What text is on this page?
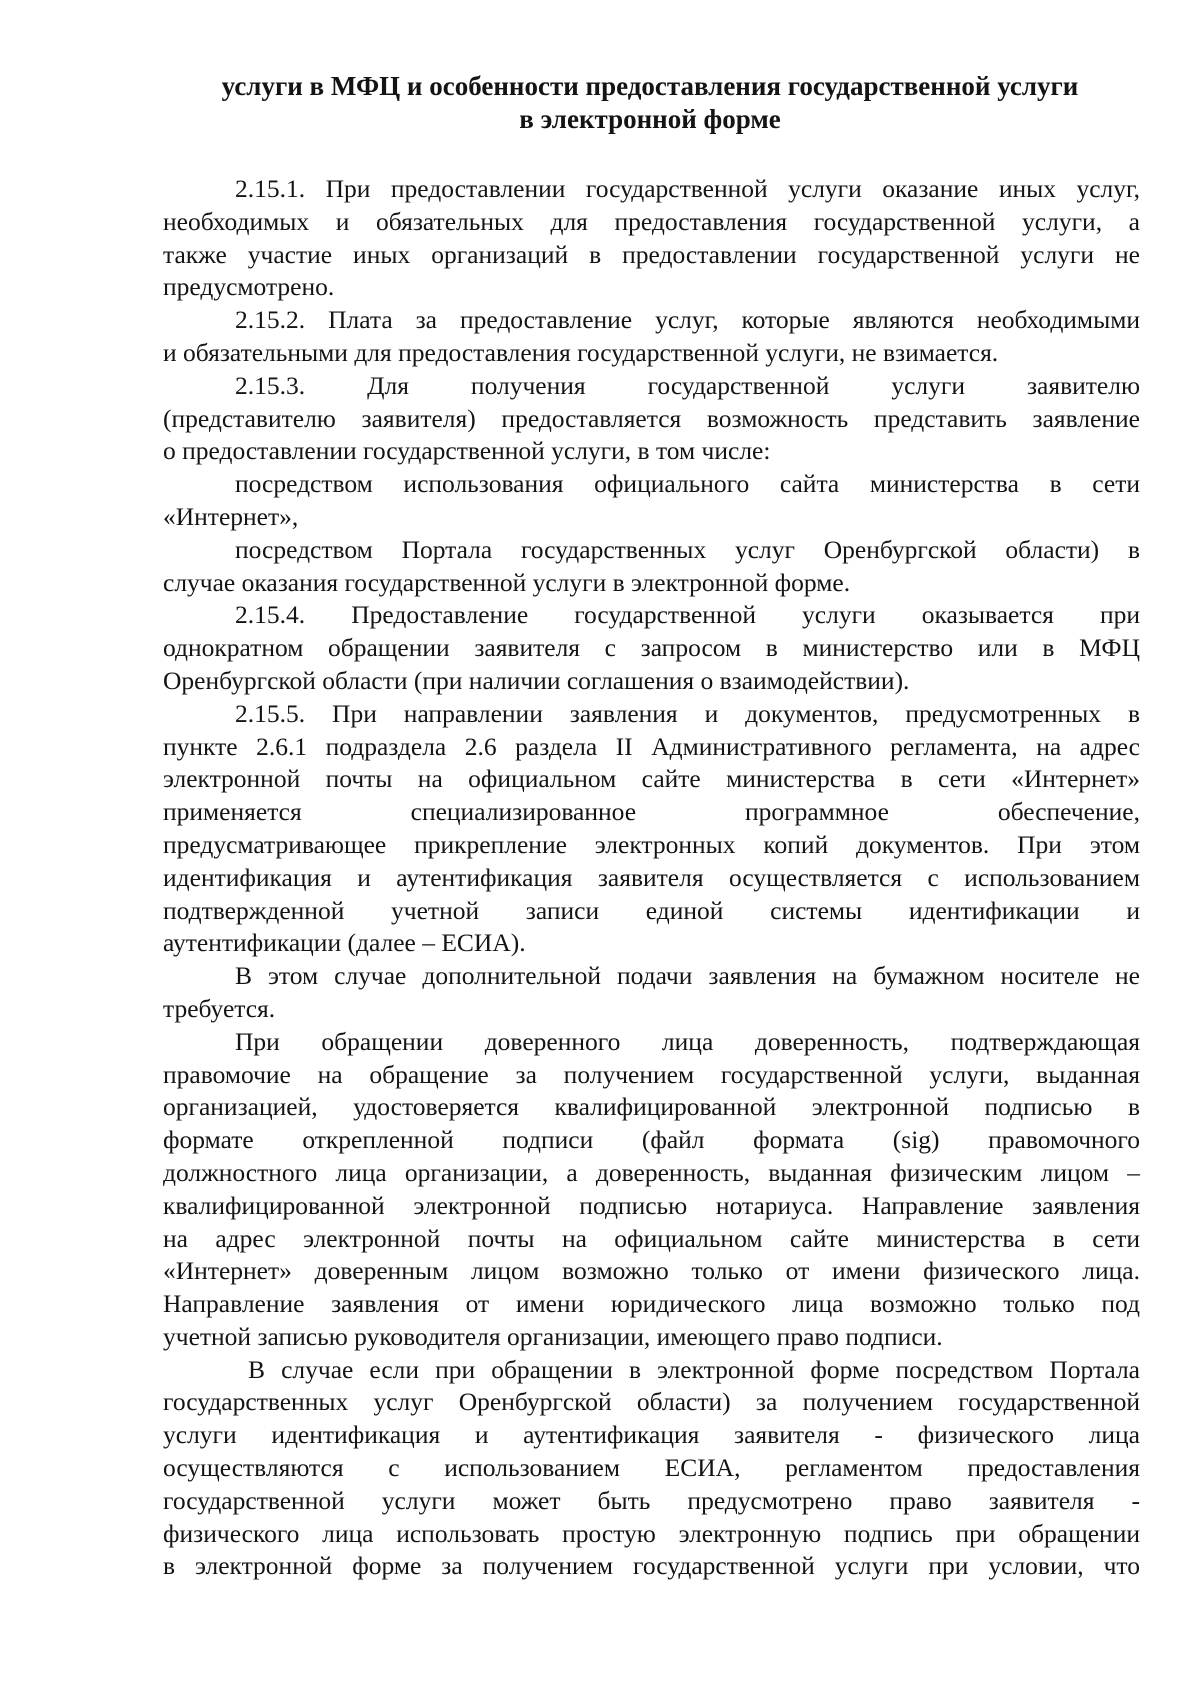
услуги в МФЦ и особенности предоставления государственной услуги
в электронной форме
2.15.1. При предоставлении государственной услуги оказание иных услуг,
необходимых и обязательных для предоставления государственной услуги, а
также участие иных организаций в предоставлении государственной услуги не
предусмотрено.
2.15.2. Плата за предоставление услуг, которые являются необходимыми
и обязательными для предоставления государственной услуги, не взимается.
2.15.3. Для получения государственной услуги заявителю
(представителю заявителя) предоставляется возможность представить заявление
о предоставлении государственной услуги, в том числе:
посредством использования официального сайта министерства в сети
«Интернет»,
посредством Портала государственных услуг Оренбургской области) в
случае оказания государственной услуги в электронной форме.
2.15.4. Предоставление государственной услуги оказывается при
однократном обращении заявителя с запросом в министерство или в МФЦ
Оренбургской области (при наличии соглашения о взаимодействии).
2.15.5. При направлении заявления и документов, предусмотренных в
пункте 2.6.1 подраздела 2.6 раздела II Административного регламента, на адрес
электронной почты на официальном сайте министерства в сети «Интернет»
применяется специализированное программное обеспечение,
предусматривающее прикрепление электронных копий документов. При этом
идентификация и аутентификация заявителя осуществляется с использованием
подтвержденной учетной записи единой системы идентификации и
аутентификации (далее – ЕСИА).
В этом случае дополнительной подачи заявления на бумажном носителе не
требуется.
При обращении доверенного лица доверенность, подтверждающая
правомочие на обращение за получением государственной услуги, выданная
организацией, удостоверяется квалифицированной электронной подписью в
формате открепленной подписи (файл формата (sig) правомочного
должностного лица организации, а доверенность, выданная физическим лицом –
квалифицированной электронной подписью нотариуса. Направление заявления
на адрес электронной почты на официальном сайте министерства в сети
«Интернет» доверенным лицом возможно только от имени физического лица.
Направление заявления от имени юридического лица возможно только под
учетной записью руководителя организации, имеющего право подписи.
В случае если при обращении в электронной форме посредством Портала
государственных услуг Оренбургской области) за получением государственной
услуги идентификация и аутентификация заявителя - физического лица
осуществляются с использованием ЕСИА, регламентом предоставления
государственной услуги может быть предусмотрено право заявителя -
физического лица использовать простую электронную подпись при обращении
в электронной форме за получением государственной услуги при условии, что
